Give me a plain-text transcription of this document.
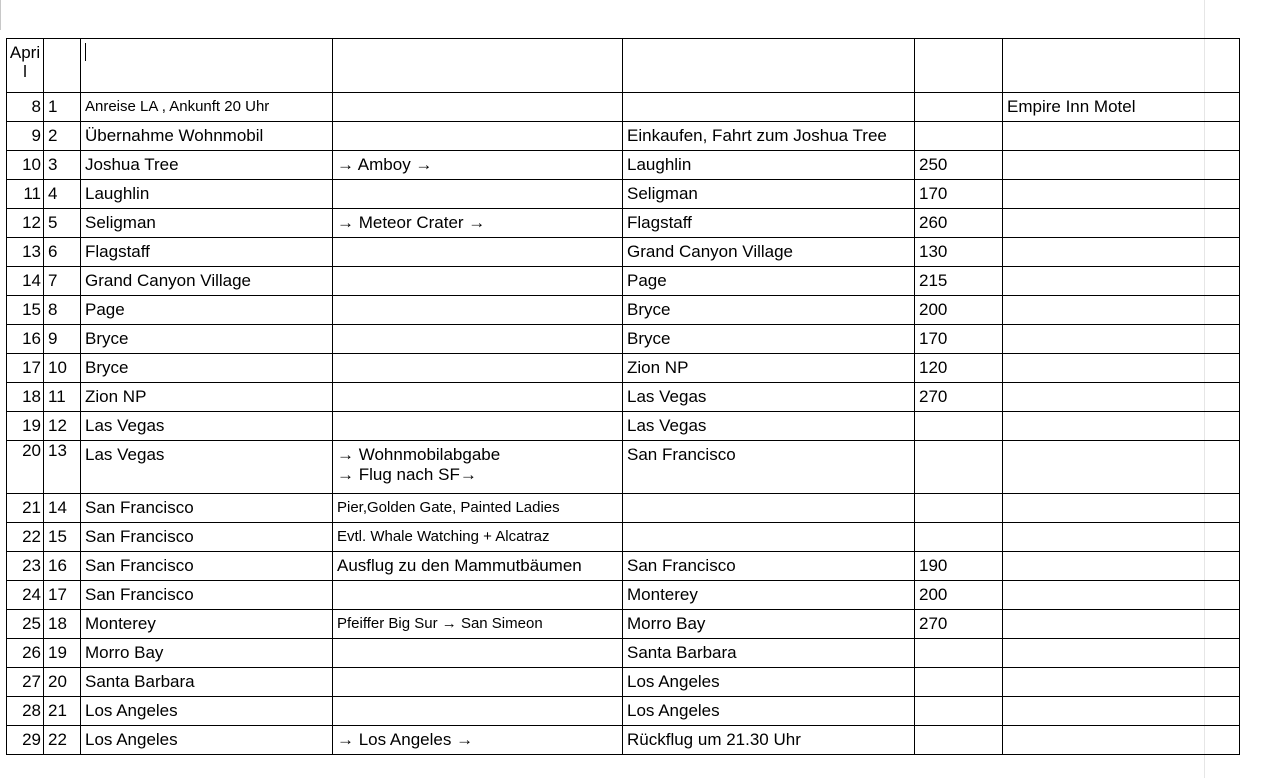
April						
8	1	Anreise LA , Ankunft 20 Uhr				Empire Inn Motel
9	2	Übernahme Wohnmobil		Einkaufen, Fahrt zum Joshua Tree		
10	3	Joshua Tree	→ Amboy →	Laughlin	250	
11	4	Laughlin		Seligman	170	
12	5	Seligman	→ Meteor Crater →	Flagstaff	260	
13	6	Flagstaff		Grand Canyon Village	130	
14	7	Grand Canyon Village		Page	215	
15	8	Page		Bryce	200	
16	9	Bryce		Bryce	170	
17	10	Bryce		Zion NP	120	
18	11	Zion NP		Las Vegas	270	
19	12	Las Vegas		Las Vegas		
20	13	Las Vegas	→ Wohnmobilabgabe
→ Flug nach SF→	San Francisco		
21	14	San Francisco	Pier,Golden Gate, Painted Ladies			
22	15	San Francisco	Evtl. Whale Watching + Alcatraz			
23	16	San Francisco	Ausflug zu den Mammutbäumen	San Francisco	190	
24	17	San Francisco		Monterey	200	
25	18	Monterey	Pfeiffer Big Sur → San Simeon	Morro Bay	270	
26	19	Morro Bay		Santa Barbara		
27	20	Santa Barbara		Los Angeles		
28	21	Los Angeles		Los Angeles		
29	22	Los Angeles	→ Los Angeles →	Rückflug um 21.30 Uhr		
